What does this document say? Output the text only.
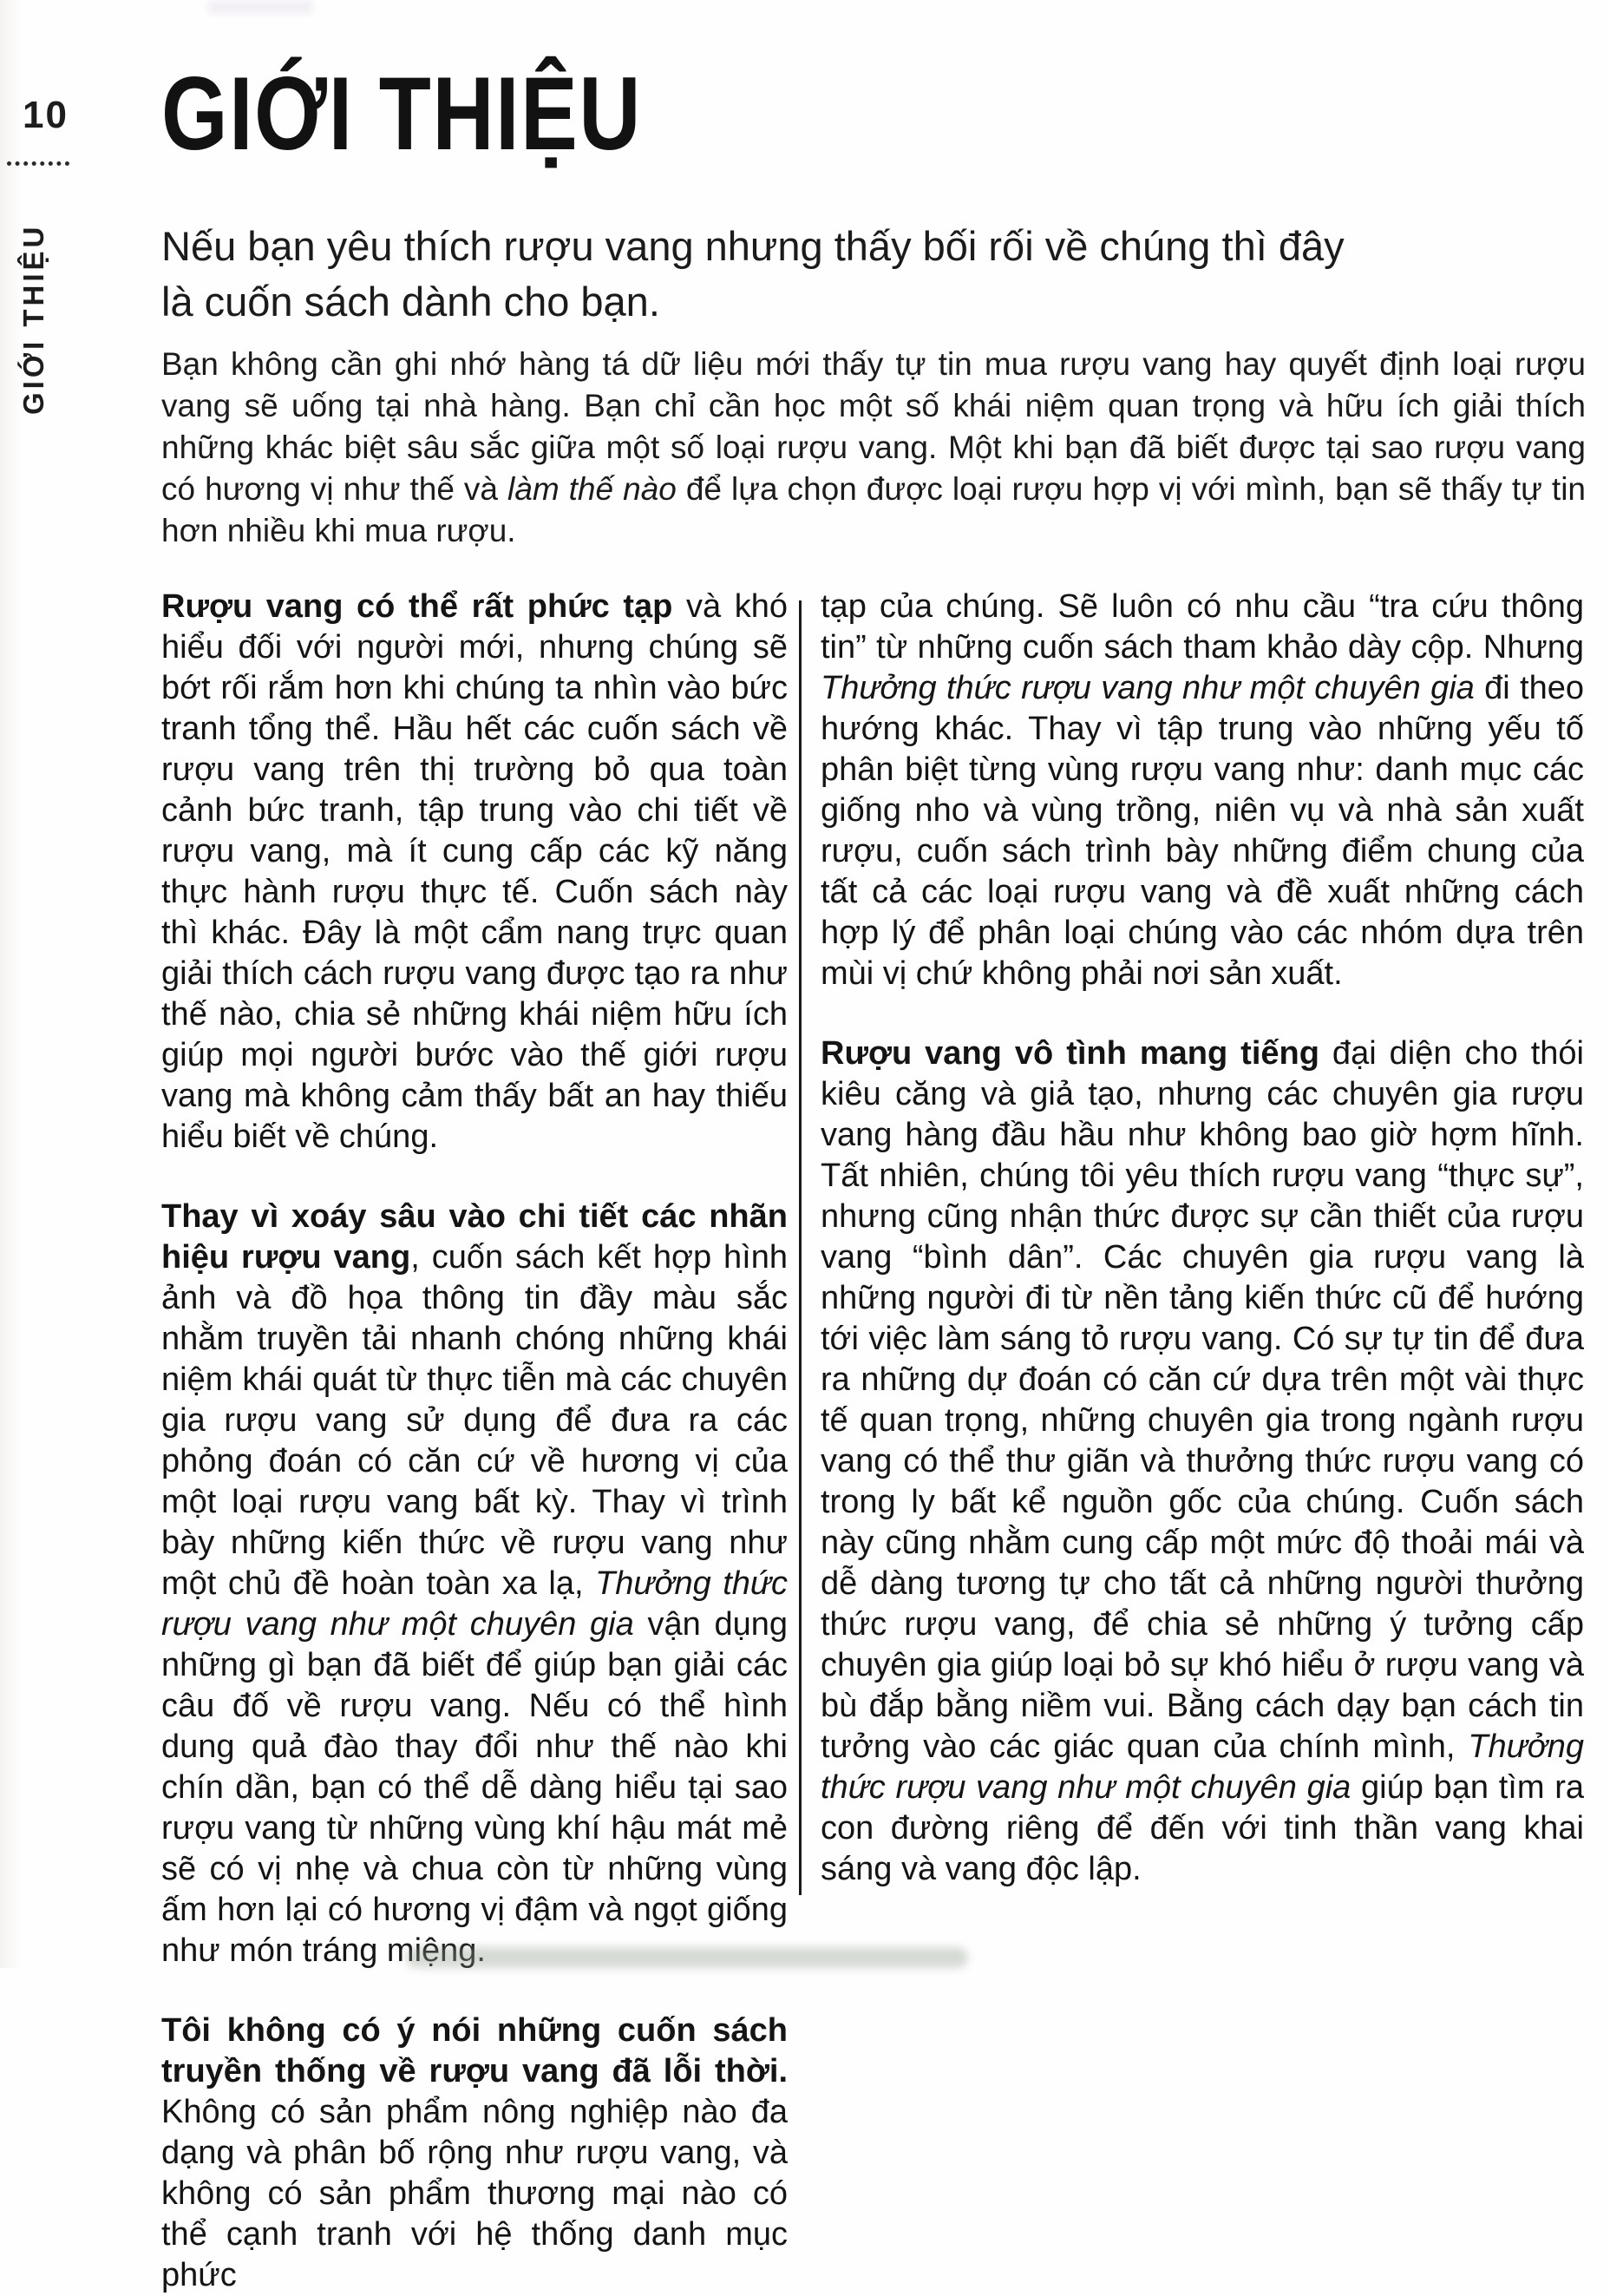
10
GIỚI THIỆU
GIỚI THIỆU
Nếu bạn yêu thích rượu vang nhưng thấy bối rối về chúng thì đây
là cuốn sách dành cho bạn.

Bạn không cần ghi nhớ hàng tá dữ liệu mới thấy tự tin mua rượu vang hay quyết định loại rượu vang sẽ uống tại nhà hàng. Bạn chỉ cần học một số khái niệm quan trọng và hữu ích giải thích những khác biệt sâu sắc giữa một số loại rượu vang. Một khi bạn đã biết được tại sao rượu vang có hương vị như thế và làm thế nào để lựa chọn được loại rượu hợp vị với mình, bạn sẽ thấy tự tin hơn nhiều khi mua rượu.

Rượu vang có thể rất phức tạp và khó hiểu đối với người mới, nhưng chúng sẽ bớt rối rắm hơn khi chúng ta nhìn vào bức tranh tổng thể. Hầu hết các cuốn sách về rượu vang trên thị trường bỏ qua toàn cảnh bức tranh, tập trung vào chi tiết về rượu vang, mà ít cung cấp các kỹ năng thực hành rượu thực tế. Cuốn sách này thì khác. Đây là một cẩm nang trực quan giải thích cách rượu vang được tạo ra như thế nào, chia sẻ những khái niệm hữu ích giúp mọi người bước vào thế giới rượu vang mà không cảm thấy bất an hay thiếu hiểu biết về chúng.

Thay vì xoáy sâu vào chi tiết các nhãn hiệu rượu vang, cuốn sách kết hợp hình ảnh và đồ họa thông tin đầy màu sắc nhằm truyền tải nhanh chóng những khái niệm khái quát từ thực tiễn mà các chuyên gia rượu vang sử dụng để đưa ra các phỏng đoán có căn cứ về hương vị của một loại rượu vang bất kỳ. Thay vì trình bày những kiến thức về rượu vang như một chủ đề hoàn toàn xa lạ, Thưởng thức rượu vang như một chuyên gia vận dụng những gì bạn đã biết để giúp bạn giải các câu đố về rượu vang. Nếu có thể hình dung quả đào thay đổi như thế nào khi chín dần, bạn có thể dễ dàng hiểu tại sao rượu vang từ những vùng khí hậu mát mẻ sẽ có vị nhẹ và chua còn từ những vùng ấm hơn lại có hương vị đậm và ngọt giống như món tráng miệng.

Tôi không có ý nói những cuốn sách truyền thống về rượu vang đã lỗi thời. Không có sản phẩm nông nghiệp nào đa dạng và phân bố rộng như rượu vang, và không có sản phẩm thương mại nào có thể cạnh tranh với hệ thống danh mục phức

tạp của chúng. Sẽ luôn có nhu cầu “tra cứu thông tin” từ những cuốn sách tham khảo dày cộp. Nhưng Thưởng thức rượu vang như một chuyên gia đi theo hướng khác. Thay vì tập trung vào những yếu tố phân biệt từng vùng rượu vang như: danh mục các giống nho và vùng trồng, niên vụ và nhà sản xuất rượu, cuốn sách trình bày những điểm chung của tất cả các loại rượu vang và đề xuất những cách hợp lý để phân loại chúng vào các nhóm dựa trên mùi vị chứ không phải nơi sản xuất.

Rượu vang vô tình mang tiếng đại diện cho thói kiêu căng và giả tạo, nhưng các chuyên gia rượu vang hàng đầu hầu như không bao giờ hợm hĩnh. Tất nhiên, chúng tôi yêu thích rượu vang “thực sự”, nhưng cũng nhận thức được sự cần thiết của rượu vang “bình dân”. Các chuyên gia rượu vang là những người đi từ nền tảng kiến thức cũ để hướng tới việc làm sáng tỏ rượu vang. Có sự tự tin để đưa ra những dự đoán có căn cứ dựa trên một vài thực tế quan trọng, những chuyên gia trong ngành rượu vang có thể thư giãn và thưởng thức rượu vang có trong ly bất kể nguồn gốc của chúng. Cuốn sách này cũng nhằm cung cấp một mức độ thoải mái và dễ dàng tương tự cho tất cả những người thưởng thức rượu vang, để chia sẻ những ý tưởng cấp chuyên gia giúp loại bỏ sự khó hiểu ở rượu vang và bù đắp bằng niềm vui. Bằng cách dạy bạn cách tin tưởng vào các giác quan của chính mình, Thưởng thức rượu vang như một chuyên gia giúp bạn tìm ra con đường riêng để đến với tinh thần vang khai sáng và vang độc lập.
